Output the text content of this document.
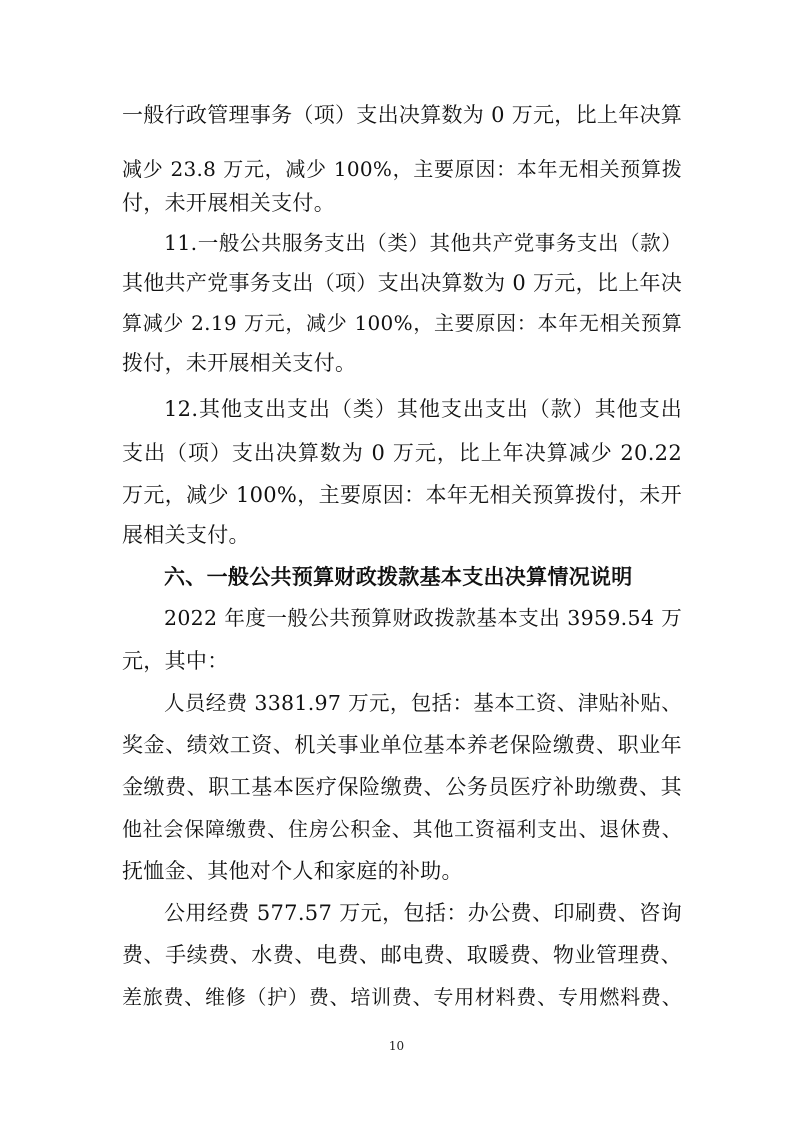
一般行政管理事务（项）支出决算数为 0 万元，比上年决算
减少 23.8 万元，减少 100%，主要原因：本年无相关预算拨
付，未开展相关支付。
11.一般公共服务支出（类）其他共产党事务支出（款）
其他共产党事务支出（项）支出决算数为 0 万元，比上年决
算减少 2.19 万元，减少 100%，主要原因：本年无相关预算
拨付，未开展相关支付。
12.其他支出支出（类）其他支出支出（款）其他支出
支出（项）支出决算数为 0 万元，比上年决算减少 20.22
万元，减少 100%，主要原因：本年无相关预算拨付，未开
展相关支付。
六、一般公共预算财政拨款基本支出决算情况说明
2022 年度一般公共预算财政拨款基本支出 3959.54 万
元，其中：
人员经费 3381.97 万元，包括：基本工资、津贴补贴、
奖金、绩效工资、机关事业单位基本养老保险缴费、职业年
金缴费、职工基本医疗保险缴费、公务员医疗补助缴费、其
他社会保障缴费、住房公积金、其他工资福利支出、退休费、
抚恤金、其他对个人和家庭的补助。
公用经费 577.57 万元，包括：办公费、印刷费、咨询
费、手续费、水费、电费、邮电费、取暖费、物业管理费、
差旅费、维修（护）费、培训费、专用材料费、专用燃料费、
10
